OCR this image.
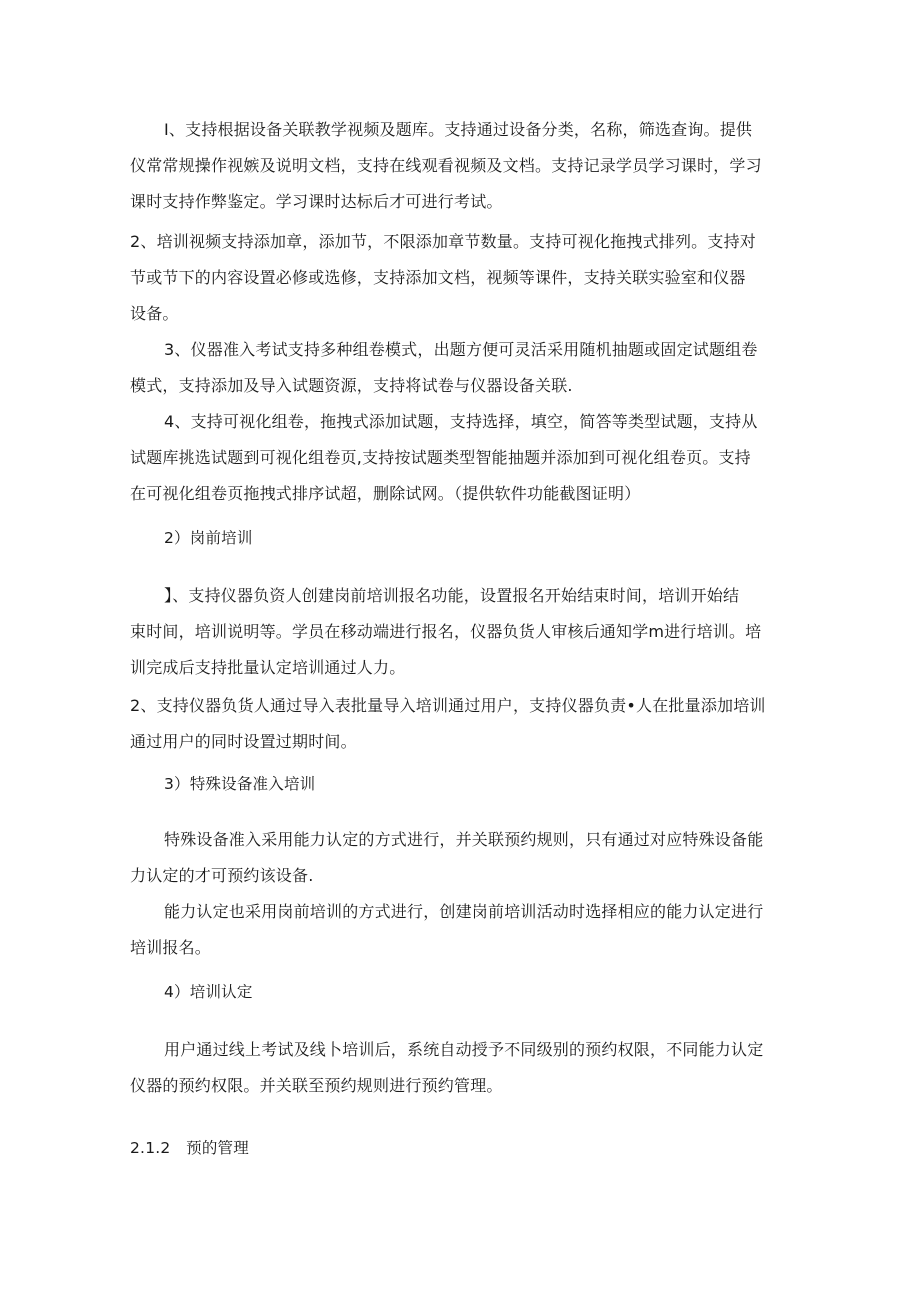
I、支持根据设备关联教学视频及题库。支持通过设备分类，名称，筛选查询。提供
仪常常规操作视嫉及说明文档，支持在线观看视频及文档。支持记录学员学习课时，学习
课时支持作弊鉴定。学习课时达标后才可进行考试。
2、培训视频支持添加章，添加节，不限添加章节数量。支持可视化拖拽式排列。支持对
节或节下的内容设置必修或选修，支持添加文档，视频等课件，支持关联实验室和仪器
设备。
3、仪器准入考试支持多种组卷模式，出题方便可灵活采用随机抽题或固定试题组卷
模式，支持添加及导入试题资源，支持将试卷与仪器设备关联.
4、支持可视化组卷，拖拽式添加试题，支持选择，填空，简答等类型试题，支持从
试题库挑选试题到可视化组卷页,支持按试题类型智能抽题并添加到可视化组卷页。支持
在可视化组卷页拖拽式排序试超，删除试网。（提供软件功能截图证明）
2）岗前培训
】、支持仪器负资人创建岗前培训报名功能，设置报名开始结束时间，培训开始结
束时间，培训说明等。学员在移动端进行报名，仪器负货人审核后通知学m进行培训。培
训完成后支持批量认定培训通过人力。
2、支持仪器负货人通过导入表批量导入培训通过用户，支持仪器负责•人在批量添加培训
通过用户的同时设置过期时间。
3）特殊设备准入培训
特殊设备准入采用能力认定的方式进行，并关联预约规则，只有通过对应特殊设备能
力认定的才可预约该设备.
能力认定也采用岗前培训的方式进行，创建岗前培训活动时选择相应的能力认定进行
培训报名。
4）培训认定
用户通过线上考试及线卜培训后，系统自动授予不同级别的预约权限，不同能力认定
仪器的预约权限。并关联至预约规则进行预约管理。
2.1.2　预的管理
